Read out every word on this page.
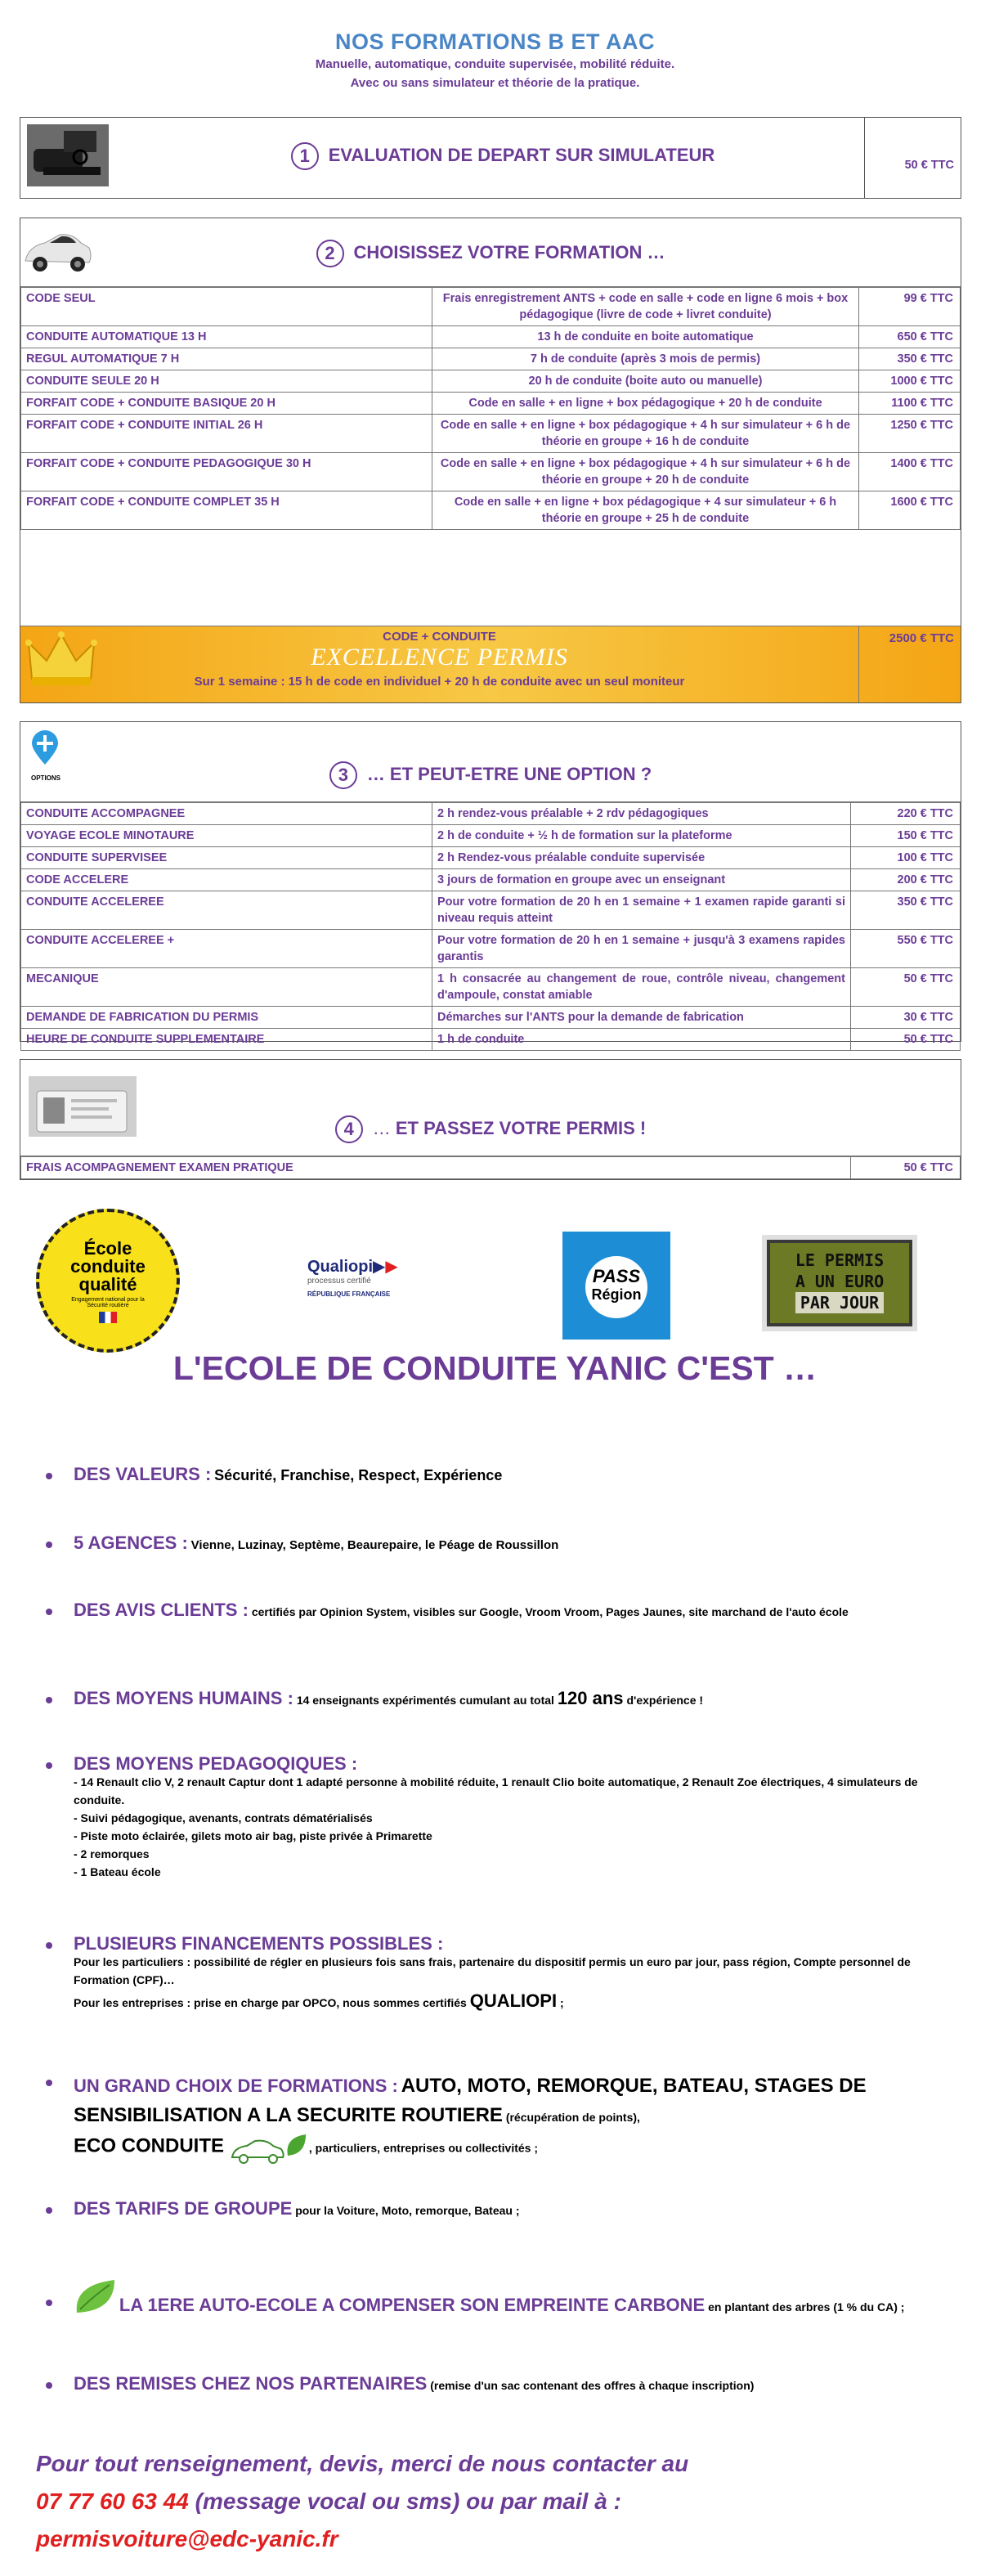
NOS FORMATIONS B ET AAC

Manuelle, automatique, conduite supervisée, mobilité réduite.

Avec ou sans simulateur et théorie de la pratique.

1 EVALUATION DE DEPART SUR SIMULATEUR
50 € TTC
2 CHOISISSEZ VOTRE FORMATION …
CODE SEUL	Frais enregistrement ANTS + code en salle + code en ligne 6 mois + box pédagogique (livre de code + livret conduite)	99 € TTC
CONDUITE AUTOMATIQUE 13 H	13 h de conduite en boite automatique	650 € TTC
REGUL AUTOMATIQUE 7 H	7 h de conduite (après 3 mois de permis)	350 € TTC
CONDUITE SEULE 20 H	20 h de conduite (boite auto ou manuelle)	1000 € TTC
FORFAIT CODE + CONDUITE BASIQUE 20 H	Code en salle + en ligne + box pédagogique + 20 h de conduite	1100 € TTC
FORFAIT CODE + CONDUITE INITIAL 26 H	Code en salle + en ligne + box pédagogique + 4 h sur simulateur + 6 h de théorie en groupe + 16 h de conduite	1250 € TTC
FORFAIT CODE + CONDUITE PEDAGOGIQUE 30 H	Code en salle + en ligne + box pédagogique + 4 h sur simulateur + 6 h de théorie en groupe + 20 h de conduite	1400 € TTC
FORFAIT CODE + CONDUITE COMPLET 35 H	Code en salle + en ligne + box pédagogique + 4 sur simulateur + 6 h théorie en groupe + 25 h de conduite	1600 € TTC
CODE + CONDUITE
EXCELLENCE PERMIS
Sur 1 semaine : 15 h de code en individuel + 20 h de conduite avec un seul moniteur
2500 € TTC
OPTIONS	3 … ET PEUT-ETRE UNE OPTION ?
CONDUITE ACCOMPAGNEE	2 h rendez-vous préalable + 2 rdv pédagogiques	220 € TTC
VOYAGE ECOLE MINOTAURE	2 h de conduite + ½ h de formation sur la plateforme	150 € TTC
CONDUITE SUPERVISEE	2 h Rendez-vous préalable conduite supervisée	100 € TTC
CODE ACCELERE	3 jours de formation en groupe avec un enseignant	200 € TTC
CONDUITE ACCELEREE	Pour votre formation de 20 h en 1 semaine + 1 examen rapide garanti si niveau requis atteint	350 € TTC
CONDUITE ACCELEREE +	Pour votre formation de 20 h en 1 semaine + jusqu'à 3 examens rapides garantis	550 € TTC
MECANIQUE	1 h consacrée au changement de roue, contrôle niveau, changement d'ampoule, constat amiable	50 € TTC
DEMANDE DE FABRICATION DU PERMIS	Démarches sur l'ANTS pour la demande de fabrication	30 € TTC
HEURE DE CONDUITE SUPPLEMENTAIRE	1 h de conduite	50 € TTC
4 … ET PASSEZ VOTRE PERMIS !
FRAIS ACOMPAGNEMENT EXAMEN PRATIQUE	50 € TTC
École
conduite
qualité
Engagement national pour la Sécurité routière
Qualiopi▶▶
processus certifié
RÉPUBLIQUE FRANÇAISE
PASS
Région
LE PERMIS
A UN EURO
PAR JOUR
L'ECOLE DE CONDUITE YANIC C'EST …
DES VALEURS : Sécurité, Franchise, Respect, Expérience
5 AGENCES : Vienne, Luzinay, Septème, Beaurepaire, le Péage de Roussillon
DES AVIS CLIENTS : certifiés par Opinion System, visibles sur Google, Vroom Vroom, Pages Jaunes, site marchand de l'auto école
DES MOYENS HUMAINS : 14 enseignants expérimentés cumulant au total 120 ans d'expérience !
DES MOYENS PEDAGOQIQUES :
- 14 Renault clio V, 2 renault Captur dont 1 adapté personne à mobilité réduite, 1 renault Clio boite automatique, 2 Renault Zoe électriques, 4 simulateurs de conduite.
- Suivi pédagogique, avenants, contrats dématérialisés
- Piste moto éclairée, gilets moto air bag, piste privée à Primarette
- 2 remorques
- 1 Bateau école
PLUSIEURS FINANCEMENTS POSSIBLES :
Pour les particuliers : possibilité de régler en plusieurs fois sans frais, partenaire du dispositif permis un euro par jour, pass région, Compte personnel de Formation (CPF)…
Pour les entreprises : prise en charge par OPCO, nous sommes certifiés QUALIOPI ;
UN GRAND CHOIX DE FORMATIONS : AUTO, MOTO, REMORQUE, BATEAU, STAGES DE SENSIBILISATION A LA SECURITE ROUTIERE (récupération de points),
ECO CONDUITE	, particuliers, entreprises ou collectivités ;
DES TARIFS DE GROUPE pour la Voiture, Moto, remorque, Bateau ;
LA 1ERE AUTO-ECOLE A COMPENSER SON EMPREINTE CARBONE en plantant des arbres (1 % du CA) ;
DES REMISES CHEZ NOS PARTENAIRES (remise d'un sac contenant des offres à chaque inscription)
Pour tout renseignement, devis, merci de nous contacter au
07 77 60 63 44 (message vocal ou sms) ou par mail à :
permisvoiture@edc-yanic.fr
